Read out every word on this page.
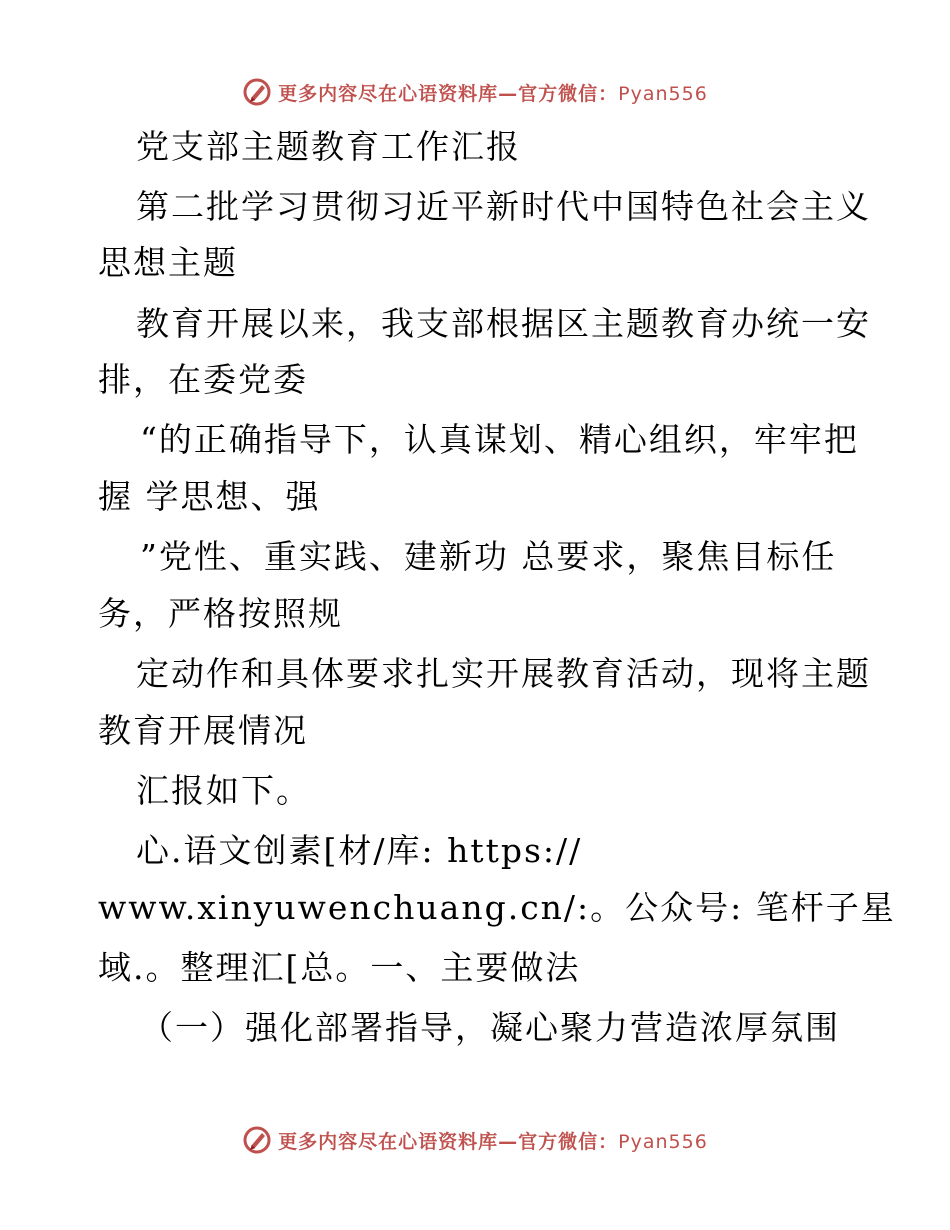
更多内容尽在心语资料库—官方微信：Pyan556
党支部主题教育工作汇报
第二批学习贯彻习近平新时代中国特色社会主义
思想主题
教育开展以来，我支部根据区主题教育办统一安
排，在委党委
“的正确指导下，认真谋划、精心组织，牢牢把
握 学思想、强
”党性、重实践、建新功 总要求，聚焦目标任
务，严格按照规
定动作和具体要求扎实开展教育活动，现将主题
教育开展情况
汇报如下。
心.语文创素[材/库: https://
www.xinyuwenchuang.cn/:。公众号: 笔杆子星
域.。整理汇[总。一、主要做法
（一）强化部署指导，凝心聚力营造浓厚氛围
更多内容尽在心语资料库—官方微信：Pyan556
